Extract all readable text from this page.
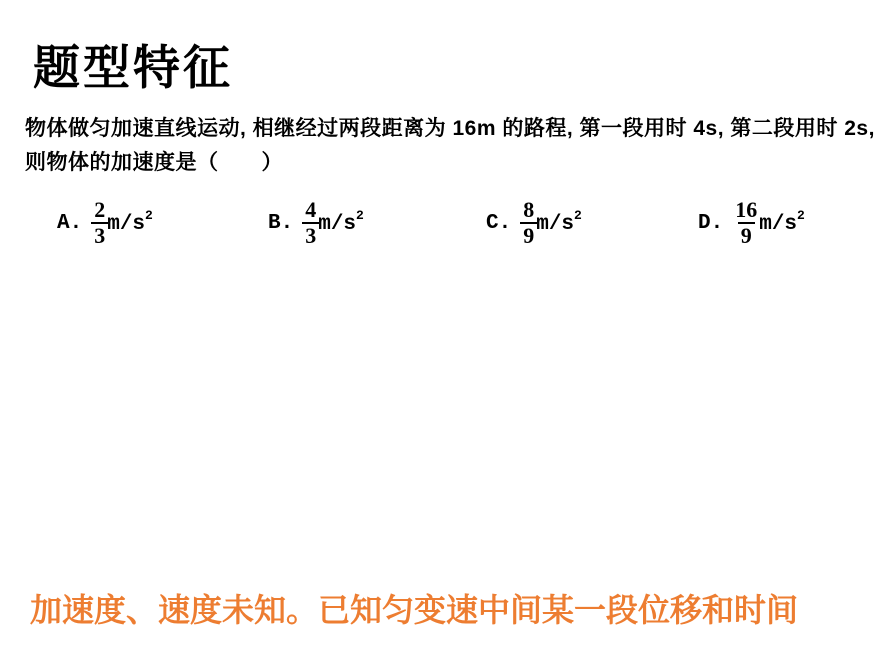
题型特征
物体做匀加速直线运动, 相继经过两段距离为 16m 的路程, 第一段用时 4s, 第二段用时 2s,
则物体的加速度是（　　）
A. $\frac{2}{3} m/s^2$	B. $\frac{4}{3} m/s^2$	C. $\frac{8}{9} m/s^2$	D. $\frac{16}{9} m/s^2$
加速度、速度未知。已知匀变速中间某一段位移和时间
